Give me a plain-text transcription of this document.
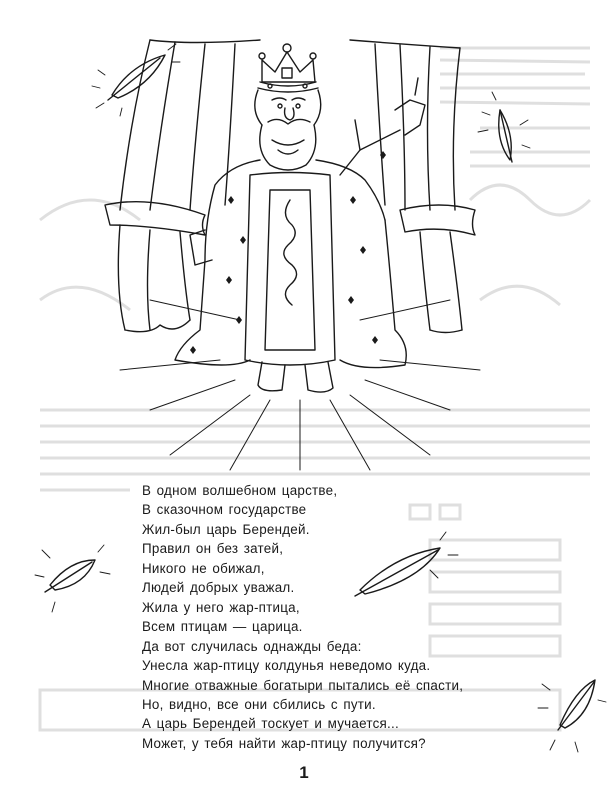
В одном волшебном царстве,
В сказочном государстве
Жил-был царь Берендей.
Правил он без затей,
Никого не обижал,
Людей добрых уважал.
Жила у него жар-птица,
Всем птицам — царица.
Да вот случилась однажды беда:
Унесла жар-птицу колдунья неведомо куда.
Многие отважные богатыри пытались её спасти,
Но, видно, все они сбились с пути.
А царь Берендей тоскует и мучается...
Может, у тебя найти жар-птицу получится?
1
